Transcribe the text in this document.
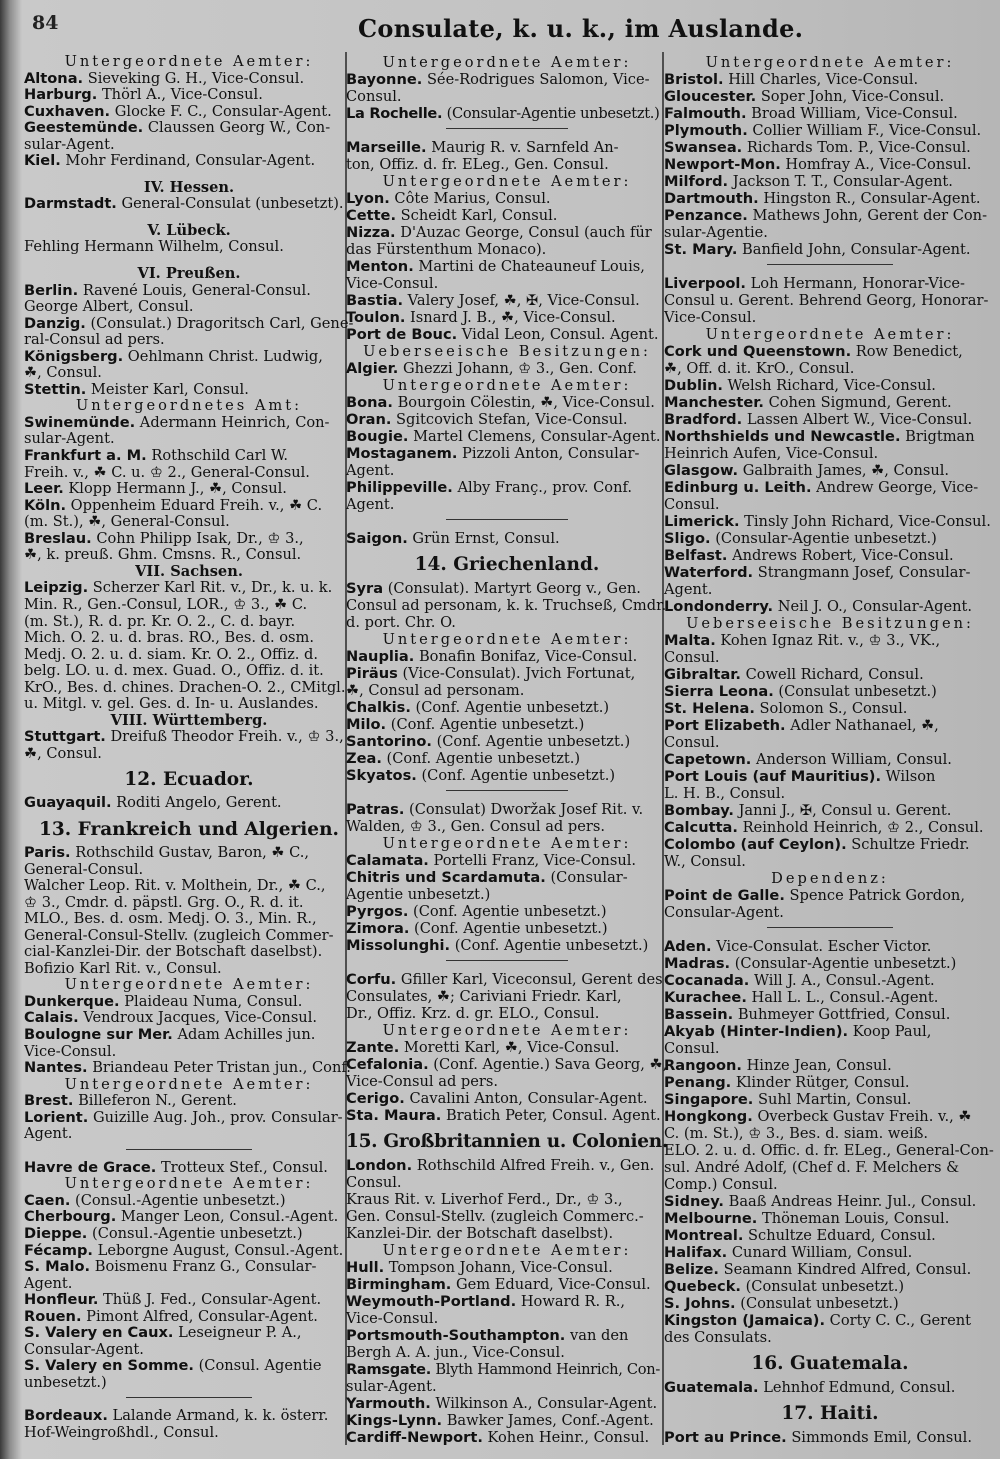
84	Consulate, k. u. k., im Auslande.
Untergeordnete Aemter:
Altona. Sieveking G. H., Vice-Consul.
Harburg. Thörl A., Vice-Consul.
Cuxhaven. Glocke F. C., Consular-Agent.
Geestemünde. Claussen Georg W., Con-
sular-Agent.
Kiel. Mohr Ferdinand, Consular-Agent.
IV. Hessen.
Darmstadt. General-Consulat (unbesetzt).
V. Lübeck.
Fehling Hermann Wilhelm, Consul.
VI. Preußen.
Berlin. Ravené Louis, General-Consul.
George Albert, Consul.
Danzig. (Consulat.) Dragoritsch Carl, Gene-
ral-Consul ad pers.
Königsberg. Oehlmann Christ. Ludwig,
☘, Consul.
Stettin. Meister Karl, Consul.
Untergeordnetes Amt:
Swinemünde. Adermann Heinrich, Con-
sular-Agent.
Frankfurt a. M. Rothschild Carl W.
Freih. v., ☘ C. u. ♔ 2., General-Consul.
Leer. Klopp Hermann J., ☘, Consul.
Köln. Oppenheim Eduard Freih. v., ☘ C.
(m. St.), ☘, General-Consul.
Breslau. Cohn Philipp Isak, Dr., ♔ 3.,
☘, k. preuß. Ghm. Cmsns. R., Consul.
VII. Sachsen.
Leipzig. Scherzer Karl Rit. v., Dr., k. u. k.
Min. R., Gen.-Consul, LOR., ♔ 3., ☘ C.
(m. St.), R. d. pr. Kr. O. 2., C. d. bayr.
Mich. O. 2. u. d. bras. RO., Bes. d. osm.
Medj. O. 2. u. d. siam. Kr. O. 2., Offiz. d.
belg. LO. u. d. mex. Guad. O., Offiz. d. it.
KrO., Bes. d. chines. Drachen-O. 2., CMitgl.
u. Mitgl. v. gel. Ges. d. In- u. Auslandes.
VIII. Württemberg.
Stuttgart. Dreifuß Theodor Freih. v., ♔ 3.,
☘, Consul.
12. Ecuador.
Guayaquil. Roditi Angelo, Gerent.
13. Frankreich und Algerien.
Paris. Rothschild Gustav, Baron, ☘ C.,
General-Consul.
Walcher Leop. Rit. v. Molthein, Dr., ☘ C.,
♔ 3., Cmdr. d. päpstl. Grg. O., R. d. it.
MLO., Bes. d. osm. Medj. O. 3., Min. R.,
General-Consul-Stellv. (zugleich Commer-
cial-Kanzlei-Dir. der Botschaft daselbst).
Bofizio Karl Rit. v., Consul.
Untergeordnete Aemter:
Dunkerque. Plaideau Numa, Consul.
Calais. Vendroux Jacques, Vice-Consul.
Boulogne sur Mer. Adam Achilles jun.
Vice-Consul.
Nantes. Briandeau Peter Tristan jun., Conf.
Untergeordnete Aemter:
Brest. Billeferon N., Gerent.
Lorient. Guizille Aug. Joh., prov. Consular-
Agent.
Havre de Grace. Trotteux Stef., Consul.
Untergeordnete Aemter:
Caen. (Consul.-Agentie unbesetzt.)
Cherbourg. Manger Leon, Consul.-Agent.
Dieppe. (Consul.-Agentie unbesetzt.)
Fécamp. Leborgne August, Consul.-Agent.
S. Malo. Boismenu Franz G., Consular-
Agent.
Honfleur. Thüß J. Fed., Consular-Agent.
Rouen. Pimont Alfred, Consular-Agent.
S. Valery en Caux. Leseigneur P. A.,
Consular-Agent.
S. Valery en Somme. (Consul. Agentie
unbesetzt.)
Bordeaux. Lalande Armand, k. k. österr.
Hof-Weingroßhdl., Consul.
Untergeordnete Aemter:
Bayonne. Sée-Rodrigues Salomon, Vice-
Consul.
La Rochelle. (Consular-Agentie unbesetzt.)
Marseille. Maurig R. v. Sarnfeld An-
ton, Offiz. d. fr. ELeg., Gen. Consul.
Untergeordnete Aemter:
Lyon. Côte Marius, Consul.
Cette. Scheidt Karl, Consul.
Nizza. D'Auzac George, Consul (auch für
das Fürstenthum Monaco).
Menton. Martini de Chateauneuf Louis,
Vice-Consul.
Bastia. Valery Josef, ☘, ✠, Vice-Consul.
Toulon. Isnard J. B., ☘, Vice-Consul.
Port de Bouc. Vidal Leon, Consul. Agent.
Ueberseeische Besitzungen:
Algier. Ghezzi Johann, ♔ 3., Gen. Conf.
Untergeordnete Aemter:
Bona. Bourgoin Cölestin, ☘, Vice-Consul.
Oran. Sgitcovich Stefan, Vice-Consul.
Bougie. Martel Clemens, Consular-Agent.
Mostaganem. Pizzoli Anton, Consular-
Agent.
Philippeville. Alby Franç., prov. Conf.
Agent.
Saigon. Grün Ernst, Consul.
14. Griechenland.
Syra (Consulat). Martyrt Georg v., Gen.
Consul ad personam, k. k. Truchseß, Cmdr.
d. port. Chr. O.
Untergeordnete Aemter:
Nauplia. Bonafin Bonifaz, Vice-Consul.
Piräus (Vice-Consulat). Jvich Fortunat,
☘, Consul ad personam.
Chalkis. (Conf. Agentie unbesetzt.)
Milo. (Conf. Agentie unbesetzt.)
Santorino. (Conf. Agentie unbesetzt.)
Zea. (Conf. Agentie unbesetzt.)
Skyatos. (Conf. Agentie unbesetzt.)
Patras. (Consulat) Dworžak Josef Rit. v.
Walden, ♔ 3., Gen. Consul ad pers.
Untergeordnete Aemter:
Calamata. Portelli Franz, Vice-Consul.
Chitris und Scardamuta. (Consular-
Agentie unbesetzt.)
Pyrgos. (Conf. Agentie unbesetzt.)
Zimora. (Conf. Agentie unbesetzt.)
Missolunghi. (Conf. Agentie unbesetzt.)
Corfu. Gfiller Karl, Viceconsul, Gerent des
Consulates, ☘; Cariviani Friedr. Karl,
Dr., Offiz. Krz. d. gr. ELO., Consul.
Untergeordnete Aemter:
Zante. Moretti Karl, ☘, Vice-Consul.
Cefalonia. (Conf. Agentie.) Sava Georg, ☘,
Vice-Consul ad pers.
Cerigo. Cavalini Anton, Consular-Agent.
Sta. Maura. Bratich Peter, Consul. Agent.
15. Großbritannien u. Colonien.
London. Rothschild Alfred Freih. v., Gen.
Consul.
Kraus Rit. v. Liverhof Ferd., Dr., ♔ 3.,
Gen. Consul-Stellv. (zugleich Commerc.-
Kanzlei-Dir. der Botschaft daselbst).
Untergeordnete Aemter:
Hull. Tompson Johann, Vice-Consul.
Birmingham. Gem Eduard, Vice-Consul.
Weymouth-Portland. Howard R. R.,
Vice-Consul.
Portsmouth-Southampton. van den
Bergh A. A. jun., Vice-Consul.
Ramsgate. Blyth Hammond Heinrich, Con-
sular-Agent.
Yarmouth. Wilkinson A., Consular-Agent.
Kings-Lynn. Bawker James, Conf.-Agent.
Cardiff-Newport. Kohen Heinr., Consul.
Untergeordnete Aemter:
Bristol. Hill Charles, Vice-Consul.
Gloucester. Soper John, Vice-Consul.
Falmouth. Broad William, Vice-Consul.
Plymouth. Collier William F., Vice-Consul.
Swansea. Richards Tom. P., Vice-Consul.
Newport-Mon. Homfray A., Vice-Consul.
Milford. Jackson T. T., Consular-Agent.
Dartmouth. Hingston R., Consular-Agent.
Penzance. Mathews John, Gerent der Con-
sular-Agentie.
St. Mary. Banfield John, Consular-Agent.
Liverpool. Loh Hermann, Honorar-Vice-
Consul u. Gerent. Behrend Georg, Honorar-
Vice-Consul.
Untergeordnete Aemter:
Cork und Queenstown. Row Benedict,
☘, Off. d. it. KrO., Consul.
Dublin. Welsh Richard, Vice-Consul.
Manchester. Cohen Sigmund, Gerent.
Bradford. Lassen Albert W., Vice-Consul.
Northshields und Newcastle. Brigtman
Heinrich Aufen, Vice-Consul.
Glasgow. Galbraith James, ☘, Consul.
Edinburg u. Leith. Andrew George, Vice-
Consul.
Limerick. Tinsly John Richard, Vice-Consul.
Sligo. (Consular-Agentie unbesetzt.)
Belfast. Andrews Robert, Vice-Consul.
Waterford. Strangmann Josef, Consular-
Agent.
Londonderry. Neil J. O., Consular-Agent.
Ueberseeische Besitzungen:
Malta. Kohen Ignaz Rit. v., ♔ 3., VK.,
Consul.
Gibraltar. Cowell Richard, Consul.
Sierra Leona. (Consulat unbesetzt.)
St. Helena. Solomon S., Consul.
Port Elizabeth. Adler Nathanael, ☘,
Consul.
Capetown. Anderson William, Consul.
Port Louis (auf Mauritius). Wilson
L. H. B., Consul.
Bombay. Janni J., ✠, Consul u. Gerent.
Calcutta. Reinhold Heinrich, ♔ 2., Consul.
Colombo (auf Ceylon). Schultze Friedr.
W., Consul.
Dependenz:
Point de Galle. Spence Patrick Gordon,
Consular-Agent.
Aden. Vice-Consulat. Escher Victor.
Madras. (Consular-Agentie unbesetzt.)
Cocanada. Will J. A., Consul.-Agent.
Kurachee. Hall L. L., Consul.-Agent.
Bassein. Buhmeyer Gottfried, Consul.
Akyab (Hinter-Indien). Koop Paul,
Consul.
Rangoon. Hinze Jean, Consul.
Penang. Klinder Rütger, Consul.
Singapore. Suhl Martin, Consul.
Hongkong. Overbeck Gustav Freih. v., ☘
C. (m. St.), ♔ 3., Bes. d. siam. weiß.
ELO. 2. u. d. Offic. d. fr. ELeg., General-Con-
sul. André Adolf, (Chef d. F. Melchers &
Comp.) Consul.
Sidney. Baaß Andreas Heinr. Jul., Consul.
Melbourne. Thöneman Louis, Consul.
Montreal. Schultze Eduard, Consul.
Halifax. Cunard William, Consul.
Belize. Seamann Kindred Alfred, Consul.
Quebeck. (Consulat unbesetzt.)
S. Johns. (Consulat unbesetzt.)
Kingston (Jamaica). Corty C. C., Gerent
des Consulats.
16. Guatemala.
Guatemala. Lehnhof Edmund, Consul.
17. Haiti.
Port au Prince. Simmonds Emil, Consul.
